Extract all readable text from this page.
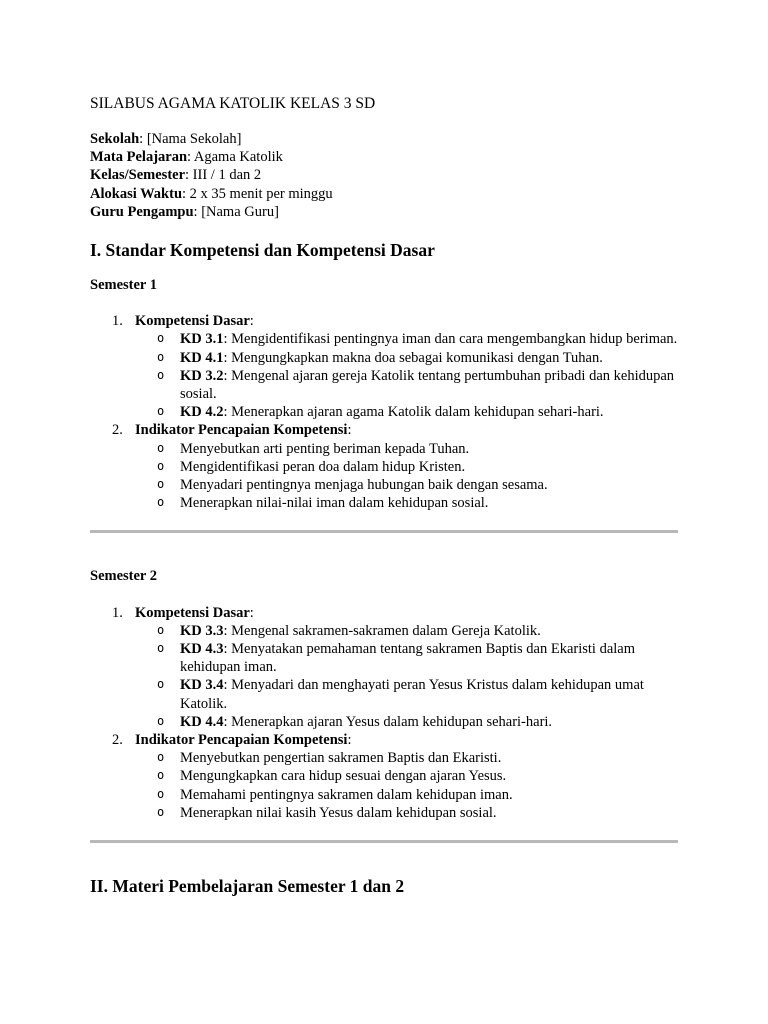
SILABUS AGAMA KATOLIK KELAS 3 SD
Sekolah: [Nama Sekolah]
Mata Pelajaran: Agama Katolik
Kelas/Semester: III / 1 dan 2
Alokasi Waktu: 2 x 35 menit per minggu
Guru Pengampu: [Nama Guru]
I. Standar Kompetensi dan Kompetensi Dasar
Semester 1
1. Kompetensi Dasar:
o KD 3.1: Mengidentifikasi pentingnya iman dan cara mengembangkan hidup beriman.
o KD 4.1: Mengungkapkan makna doa sebagai komunikasi dengan Tuhan.
o KD 3.2: Mengenal ajaran gereja Katolik tentang pertumbuhan pribadi dan kehidupan sosial.
o KD 4.2: Menerapkan ajaran agama Katolik dalam kehidupan sehari-hari.
2. Indikator Pencapaian Kompetensi:
o Menyebutkan arti penting beriman kepada Tuhan.
o Mengidentifikasi peran doa dalam hidup Kristen.
o Menyadari pentingnya menjaga hubungan baik dengan sesama.
o Menerapkan nilai-nilai iman dalam kehidupan sosial.
Semester 2
1. Kompetensi Dasar:
o KD 3.3: Mengenal sakramen-sakramen dalam Gereja Katolik.
o KD 4.3: Menyatakan pemahaman tentang sakramen Baptis dan Ekaristi dalam kehidupan iman.
o KD 3.4: Menyadari dan menghayati peran Yesus Kristus dalam kehidupan umat Katolik.
o KD 4.4: Menerapkan ajaran Yesus dalam kehidupan sehari-hari.
2. Indikator Pencapaian Kompetensi:
o Menyebutkan pengertian sakramen Baptis dan Ekaristi.
o Mengungkapkan cara hidup sesuai dengan ajaran Yesus.
o Memahami pentingnya sakramen dalam kehidupan iman.
o Menerapkan nilai kasih Yesus dalam kehidupan sosial.
II. Materi Pembelajaran Semester 1 dan 2
